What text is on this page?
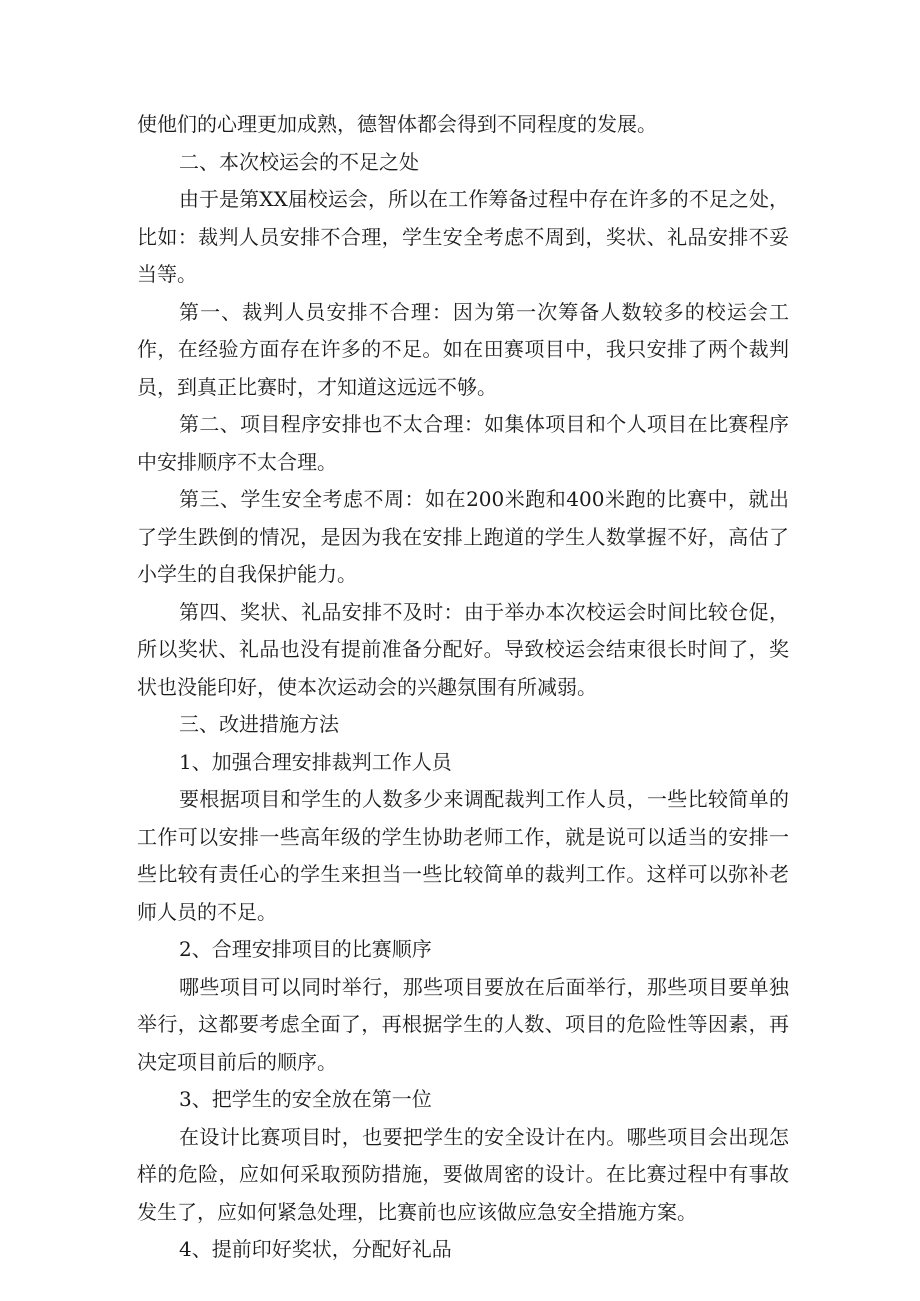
使他们的心理更加成熟，德智体都会得到不同程度的发展。

二、本次校运会的不足之处

由于是第XX届校运会，所以在工作筹备过程中存在许多的不足之处，比如：裁判人员安排不合理，学生安全考虑不周到，奖状、礼品安排不妥当等。

第一、裁判人员安排不合理：因为第一次筹备人数较多的校运会工作，在经验方面存在许多的不足。如在田赛项目中，我只安排了两个裁判员，到真正比赛时，才知道这远远不够。

第二、项目程序安排也不太合理：如集体项目和个人项目在比赛程序中安排顺序不太合理。

第三、学生安全考虑不周：如在200米跑和400米跑的比赛中，就出了学生跌倒的情况，是因为我在安排上跑道的学生人数掌握不好，高估了小学生的自我保护能力。

第四、奖状、礼品安排不及时：由于举办本次校运会时间比较仓促，所以奖状、礼品也没有提前准备分配好。导致校运会结束很长时间了，奖状也没能印好，使本次运动会的兴趣氛围有所减弱。

三、改进措施方法

1、加强合理安排裁判工作人员

要根据项目和学生的人数多少来调配裁判工作人员，一些比较简单的工作可以安排一些高年级的学生协助老师工作，就是说可以适当的安排一些比较有责任心的学生来担当一些比较简单的裁判工作。这样可以弥补老师人员的不足。

2、合理安排项目的比赛顺序

哪些项目可以同时举行，那些项目要放在后面举行，那些项目要单独举行，这都要考虑全面了，再根据学生的人数、项目的危险性等因素，再决定项目前后的顺序。

3、把学生的安全放在第一位

在设计比赛项目时，也要把学生的安全设计在内。哪些项目会出现怎样的危险，应如何采取预防措施，要做周密的设计。在比赛过程中有事故发生了，应如何紧急处理，比赛前也应该做应急安全措施方案。

4、提前印好奖状，分配好礼品
